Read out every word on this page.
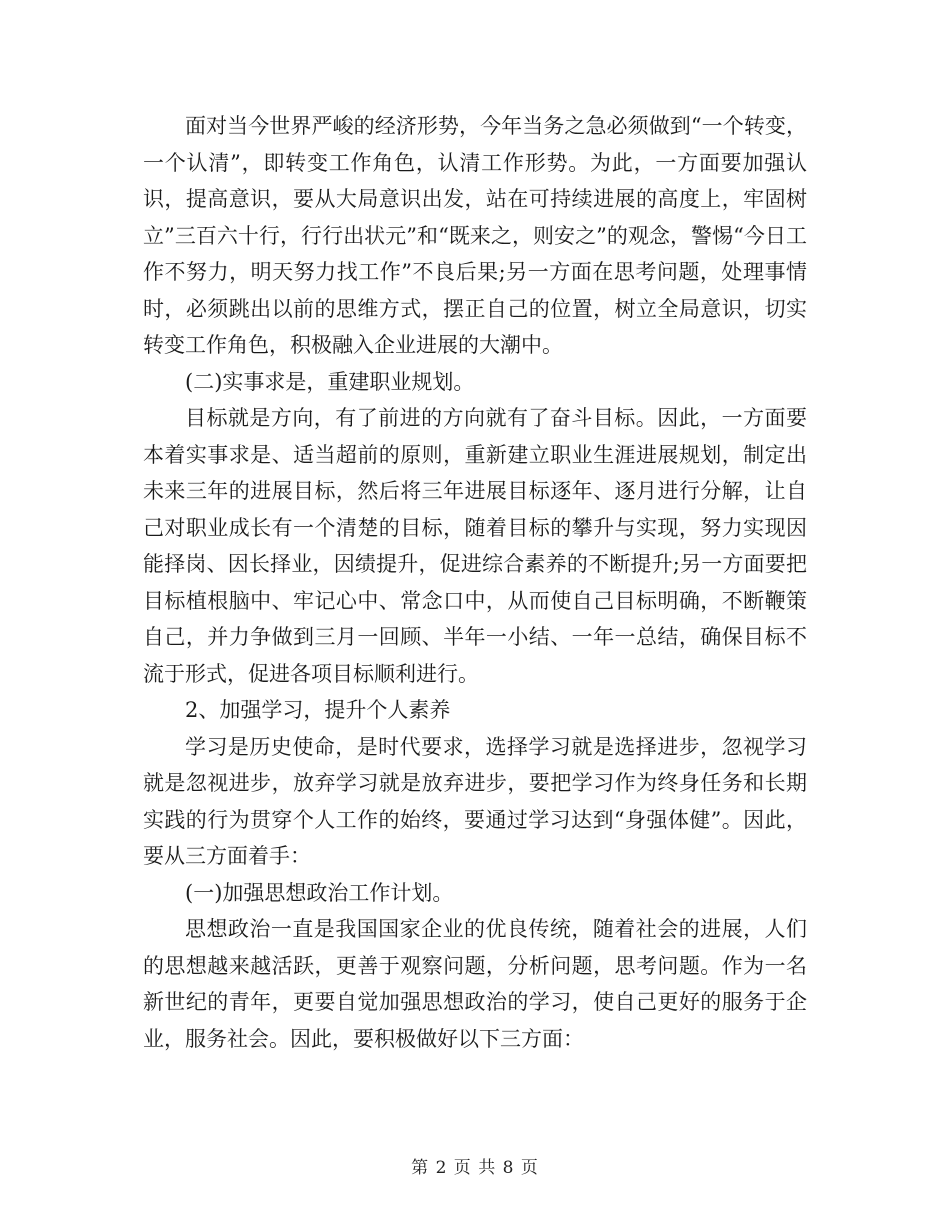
面对当今世界严峻的经济形势，今年当务之急必须做到“一个转变，一个认清”，即转变工作角色，认清工作形势。为此，一方面要加强认识，提高意识，要从大局意识出发，站在可持续进展的高度上，牢固树立”三百六十行，行行出状元”和“既来之，则安之”的观念，警惕“今日工作不努力，明天努力找工作”不良后果;另一方面在思考问题，处理事情时，必须跳出以前的思维方式，摆正自己的位置，树立全局意识，切实转变工作角色，积极融入企业进展的大潮中。

(二)实事求是，重建职业规划。

目标就是方向，有了前进的方向就有了奋斗目标。因此，一方面要本着实事求是、适当超前的原则，重新建立职业生涯进展规划，制定出未来三年的进展目标，然后将三年进展目标逐年、逐月进行分解，让自己对职业成长有一个清楚的目标，随着目标的攀升与实现，努力实现因能择岗、因长择业，因绩提升，促进综合素养的不断提升;另一方面要把目标植根脑中、牢记心中、常念口中，从而使自己目标明确，不断鞭策自己，并力争做到三月一回顾、半年一小结、一年一总结，确保目标不流于形式，促进各项目标顺利进行。

2、加强学习，提升个人素养

学习是历史使命，是时代要求，选择学习就是选择进步，忽视学习就是忽视进步，放弃学习就是放弃进步，要把学习作为终身任务和长期实践的行为贯穿个人工作的始终，要通过学习达到“身强体健”。因此，要从三方面着手：

(一)加强思想政治工作计划。

思想政治一直是我国国家企业的优良传统，随着社会的进展，人们的思想越来越活跃，更善于观察问题，分析问题，思考问题。作为一名新世纪的青年，更要自觉加强思想政治的学习，使自己更好的服务于企业，服务社会。因此，要积极做好以下三方面：

第 2 页 共 8 页
